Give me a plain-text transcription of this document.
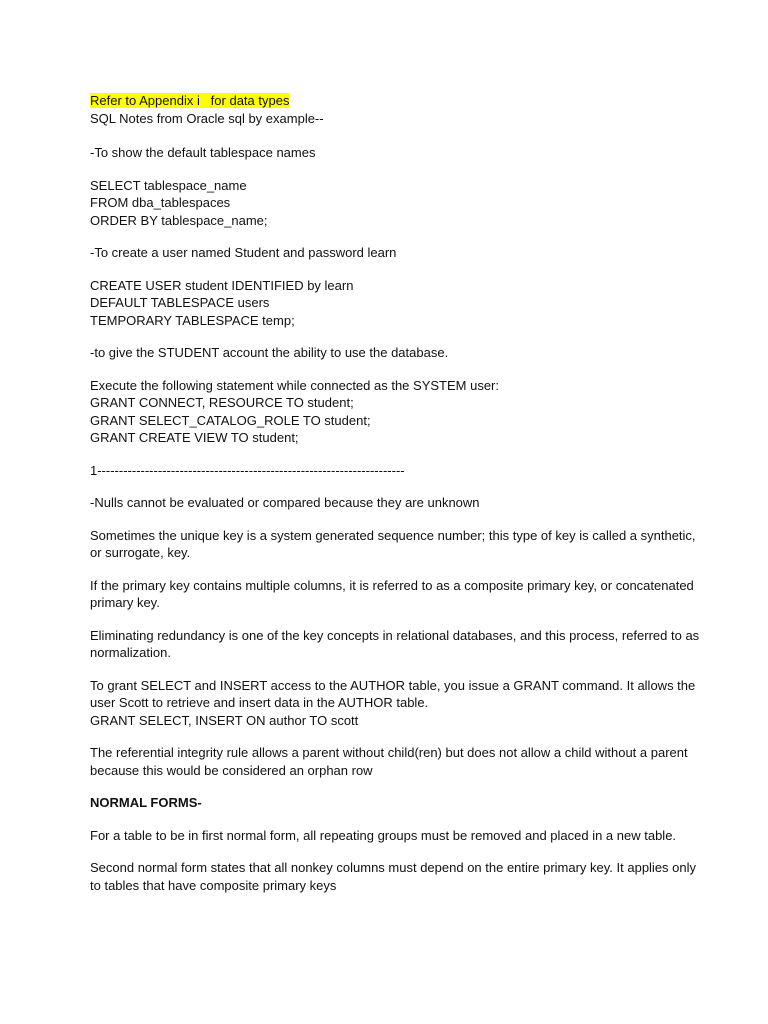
Refer to Appendix i   for data types
SQL Notes from Oracle sql by example--
-To show the default tablespace names
SELECT tablespace_name
FROM dba_tablespaces
ORDER BY tablespace_name;
-To create a user named Student and password learn
CREATE USER student IDENTIFIED by learn
DEFAULT TABLESPACE users
TEMPORARY TABLESPACE temp;
-to give the STUDENT account the ability to use the database.
Execute the following statement while connected as the SYSTEM user:
GRANT CONNECT, RESOURCE TO student;
GRANT SELECT_CATALOG_ROLE TO student;
GRANT CREATE VIEW TO student;
1-----------------------------------------------------------------------
-Nulls cannot be evaluated or compared because they are unknown
Sometimes the unique key is a system generated sequence number; this type of key is called a synthetic, or surrogate, key.
If the primary key contains multiple columns, it is referred to as a composite primary key, or concatenated primary key.
Eliminating redundancy is one of the key concepts in relational databases, and this process, referred to as normalization.
To grant SELECT and INSERT access to the AUTHOR table, you issue a GRANT command. It allows the user Scott to retrieve and insert data in the AUTHOR table.
GRANT SELECT, INSERT ON author TO scott
The referential integrity rule allows a parent without child(ren) but does not allow a child without a parent because this would be considered an orphan row
NORMAL FORMS-
For a table to be in first normal form, all repeating groups must be removed and placed in a new table.
Second normal form states that all nonkey columns must depend on the entire primary key. It applies only to tables that have composite primary keys
